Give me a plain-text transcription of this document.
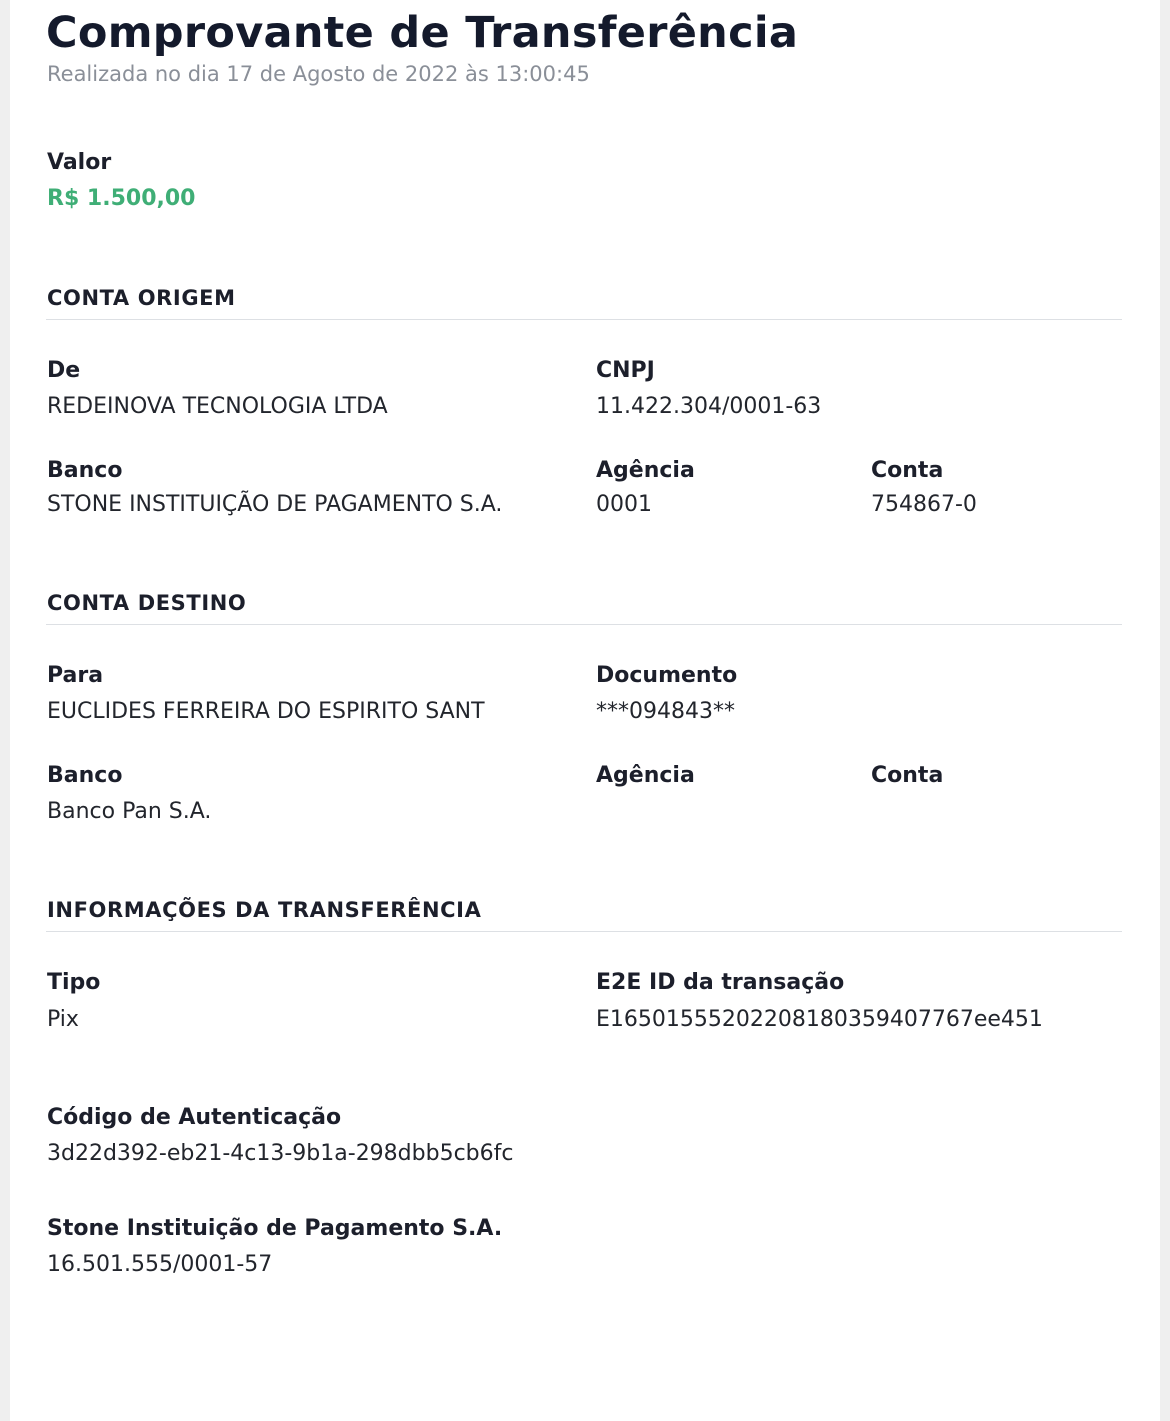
Comprovante de Transferência
Realizada no dia 17 de Agosto de 2022 às 13:00:45
Valor
R$ 1.500,00
CONTA ORIGEM
De
REDEINOVA TECNOLOGIA LTDA
CNPJ
11.422.304/0001-63
Banco
STONE INSTITUIÇÃO DE PAGAMENTO S.A.
Agência
0001
Conta
754867-0
CONTA DESTINO
Para
EUCLIDES FERREIRA DO ESPIRITO SANT
Documento
***094843**
Banco
Banco Pan S.A.
Agência	Conta
INFORMAÇÕES DA TRANSFERÊNCIA
Tipo
Pix
E2E ID da transação
E16501555202208180359407767ee451
Código de Autenticação
3d22d392-eb21-4c13-9b1a-298dbb5cb6fc
Stone Instituição de Pagamento S.A.
16.501.555/0001-57
